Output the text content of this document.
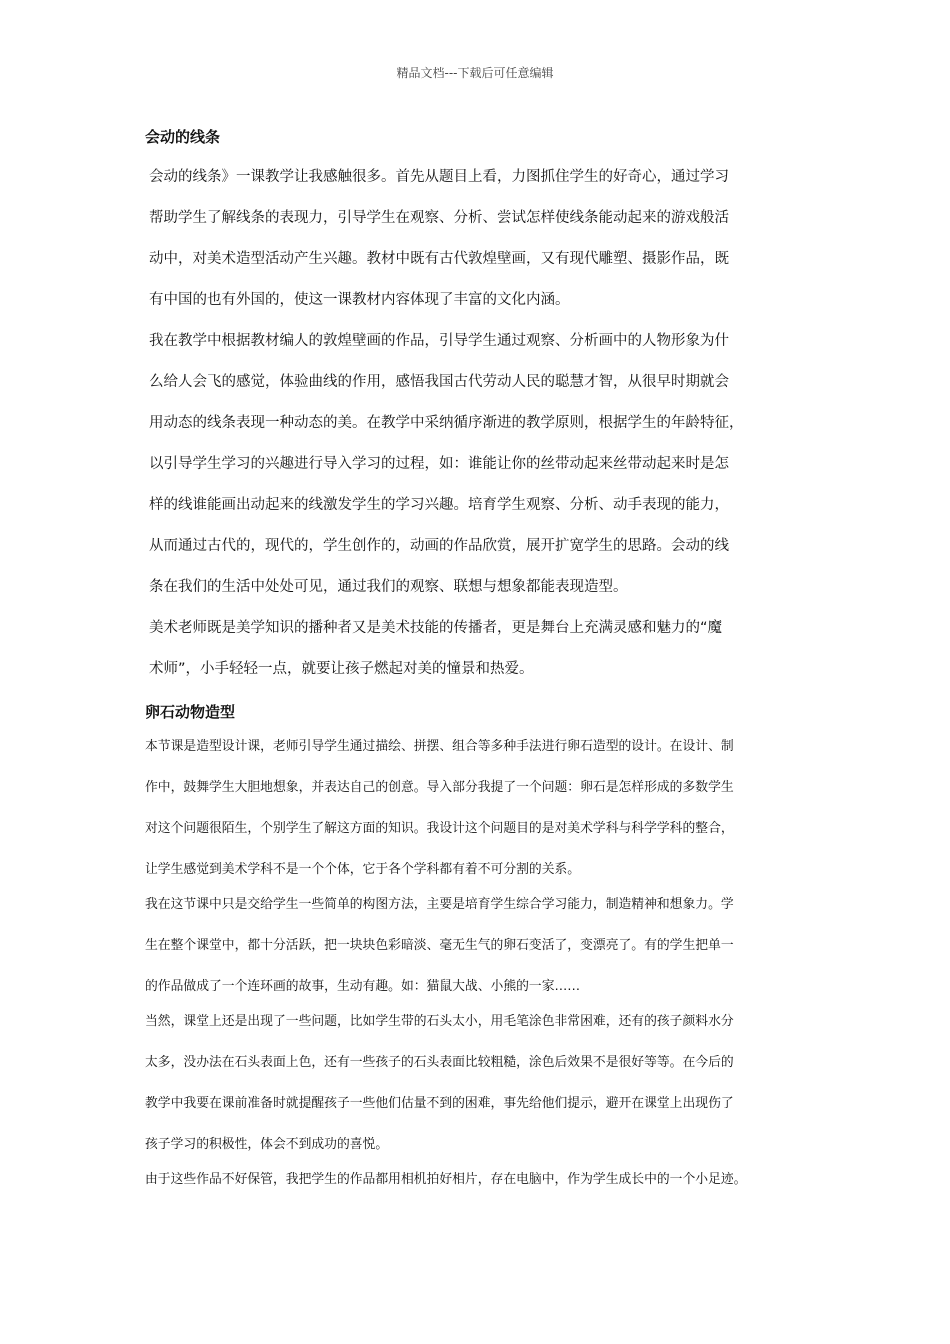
精品文档---下载后可任意编辑
会动的线条

会动的线条》一课教学让我感触很多。首先从题目上看，力图抓住学生的好奇心，通过学习

帮助学生了解线条的表现力，引导学生在观察、分析、尝试怎样使线条能动起来的游戏般活

动中，对美术造型活动产生兴趣。教材中既有古代敦煌壁画，又有现代雕塑、摄影作品，既

有中国的也有外国的，使这一课教材内容体现了丰富的文化内涵。

我在教学中根据教材编人的敦煌壁画的作品，引导学生通过观察、分析画中的人物形象为什

么给人会飞的感觉，体验曲线的作用，感悟我国古代劳动人民的聪慧才智，从很早时期就会

用动态的线条表现一种动态的美。在教学中采纳循序渐进的教学原则，根据学生的年龄特征，

以引导学生学习的兴趣进行导入学习的过程，如：谁能让你的丝带动起来丝带动起来时是怎

样的线谁能画出动起来的线激发学生的学习兴趣。培育学生观察、分析、动手表现的能力，

从而通过古代的，现代的，学生创作的，动画的作品欣赏，展开扩宽学生的思路。会动的线

条在我们的生活中处处可见，通过我们的观察、联想与想象都能表现造型。

美术老师既是美学知识的播种者又是美术技能的传播者，更是舞台上充满灵感和魅力的“魔

术师”，小手轻轻一点，就要让孩子燃起对美的憧景和热爱。

卵石动物造型

本节课是造型设计课，老师引导学生通过描绘、拼摆、组合等多种手法进行卵石造型的设计。在设计、制

作中，鼓舞学生大胆地想象，并表达自己的创意。导入部分我提了一个问题：卵石是怎样形成的多数学生

对这个问题很陌生，个别学生了解这方面的知识。我设计这个问题目的是对美术学科与科学学科的整合，

让学生感觉到美术学科不是一个个体，它于各个学科都有着不可分割的关系。

我在这节课中只是交给学生一些简单的构图方法，主要是培育学生综合学习能力，制造精神和想象力。学

生在整个课堂中，都十分活跃，把一块块色彩暗淡、毫无生气的卵石变活了，变漂亮了。有的学生把单一

的作品做成了一个连环画的故事，生动有趣。如：猫鼠大战、小熊的一家……

当然，课堂上还是出现了一些问题，比如学生带的石头太小，用毛笔涂色非常困难，还有的孩子颜料水分

太多，没办法在石头表面上色，还有一些孩子的石头表面比较粗糙，涂色后效果不是很好等等。在今后的

教学中我要在课前准备时就提醒孩子一些他们估量不到的困难，事先给他们提示，避开在课堂上出现伤了

孩子学习的积极性，体会不到成功的喜悦。

由于这些作品不好保管，我把学生的作品都用相机拍好相片，存在电脑中，作为学生成长中的一个小足迹。
